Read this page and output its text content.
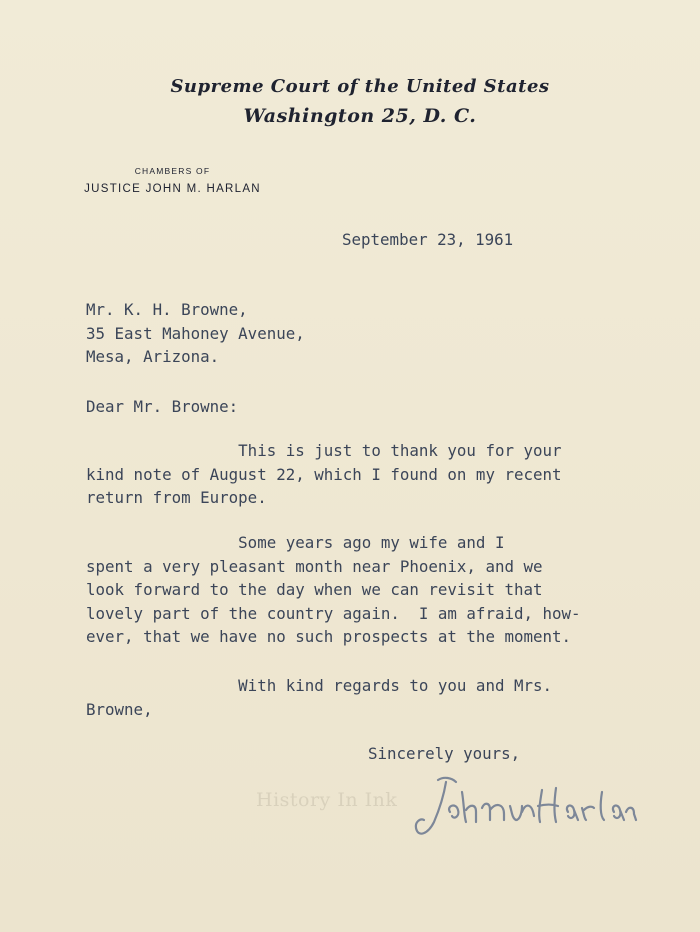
Supreme Court of the United States
Washington 25, D. C.
CHAMBERS OF
JUSTICE JOHN M. HARLAN
September 23, 1961
Mr. K. H. Browne,
35 East Mahoney Avenue,
Mesa, Arizona.
Dear Mr. Browne:
This is just to thank you for your
kind note of August 22, which I found on my recent
return from Europe.
Some years ago my wife and I
spent a very pleasant month near Phoenix, and we
look forward to the day when we can revisit that
lovely part of the country again.  I am afraid, how-
ever, that we have no such prospects at the moment.
With kind regards to you and Mrs.
Browne,
Sincerely yours,
History In Ink
